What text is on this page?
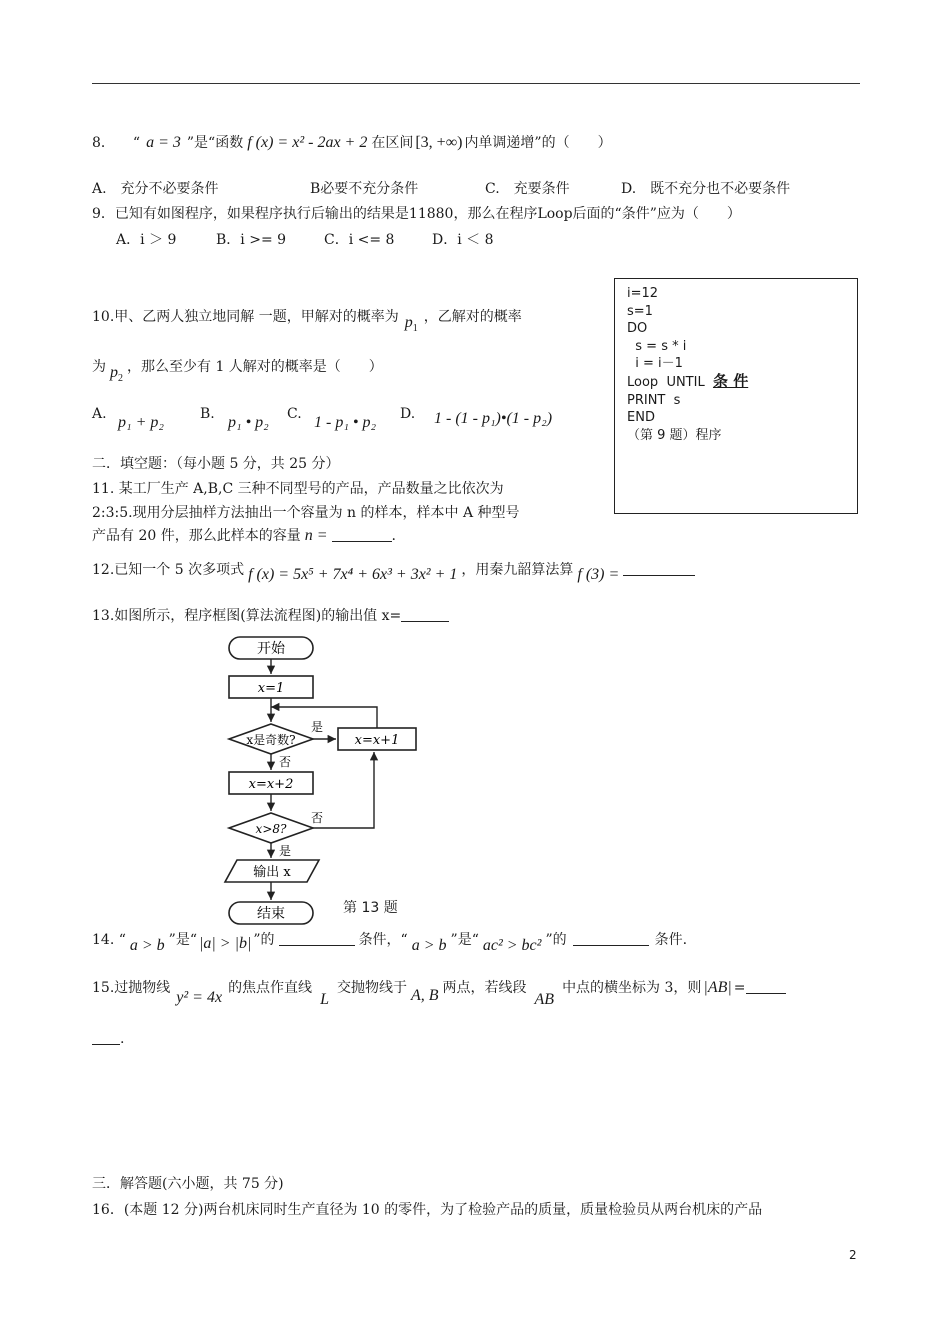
8． “ a = 3 ”是“函数 f (x) = x² - 2ax + 2 在区间 [3, +∞) 内单调递增”的（　　）
A.　充分不必要条件	B必要不充分条件	C.　充要条件	D.　既不充分也不必要条件
9．已知有如图程序，如果程序执行后输出的结果是11880，那么在程序Loop后面的“条件”应为（　　）
A．i ＞ 9	B．i >= 9	C．i <= 8	D．i ＜ 8
i=12
s=1
DO
s = s * i
i = i－1
Loop  UNTIL  条 件
PRINT  s
END
（第 9 题）程序
10.甲、乙两人独立地同解 一题，甲解对的概率为 $p_1$，乙解对的概率
为 $p_2$，那么至少有 1 人解对的概率是（　　）
A. p₁ + p₂	B. p₁ • p₂ C. 1 - p₁ • p₂ D. 1 - (1 - p₁)•(1 - p₂)
二．填空题：（每小题 5 分，共 25 分）
11. 某工厂生产 A,B,C 三种不同型号的产品，产品数量之比依次为
2:3:5.现用分层抽样方法抽出一个容量为 n 的样本，样本中 A 种型号
产品有 20 件，那么此样本的容量 n =	.
12.已知一个 5 次多项式 f (x) = 5x⁵ + 7x⁴ + 6x³ + 3x² + 1 ，用秦九韶算法算 f (3) =
13.如图所示，程序框图(算法流程图)的输出值 x=
开始
x=1
x是奇数?
是
x=x+1
否
x=x+2
x>8?
否
是
输出 x
结束	第 13 题
14. “ a > b ”是“ |a| > |b| ”的	条件，“ a > b ”是“ ac² > bc² ”的	条件.
15.过抛物线y² = 4x的焦点作直线L交抛物线于 A, B 两点，若线段AB中点的横坐标为 3，则 |AB| =
.
三．解答题(六小题，共 75 分)
16．(本题 12 分)两台机床同时生产直径为 10 的零件，为了检验产品的质量，质量检验员从两台机床的产品
2
